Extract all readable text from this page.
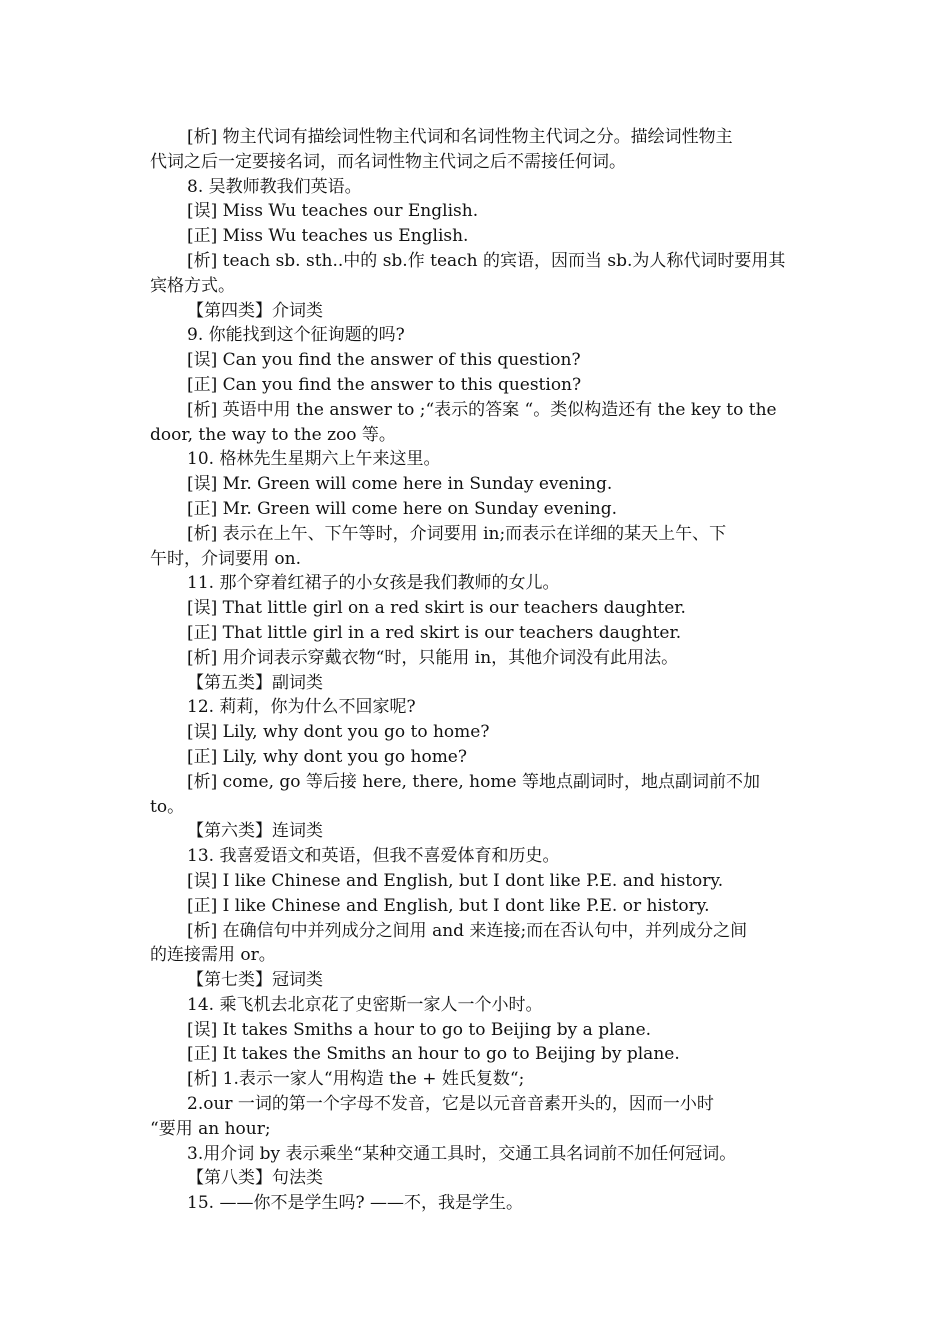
[析] 物主代词有描绘词性物主代词和名词性物主代词之分。描绘词性物主
代词之后一定要接名词，而名词性物主代词之后不需接任何词。
8. 吴教师教我们英语。
[误] Miss Wu teaches our English.
[正] Miss Wu teaches us English.
[析] teach sb. sth..中的 sb.作 teach 的宾语，因而当 sb.为人称代词时要用其
宾格方式。
【第四类】介词类
9. 你能找到这个征询题的吗?
[误] Can you find the answer of this question?
[正] Can you find the answer to this question?
[析] 英语中用 the answer to ;“表示的答案 “。类似构造还有 the key to the
door, the way to the zoo 等。
10. 格林先生星期六上午来这里。
[误] Mr. Green will come here in Sunday evening.
[正] Mr. Green will come here on Sunday evening.
[析] 表示在上午、下午等时，介词要用 in;而表示在详细的某天上午、下
午时，介词要用 on.
11. 那个穿着红裙子的小女孩是我们教师的女儿。
[误] That little girl on a red skirt is our teachers daughter.
[正] That little girl in a red skirt is our teachers daughter.
[析] 用介词表示穿戴衣物“时，只能用 in，其他介词没有此用法。
【第五类】副词类
12. 莉莉，你为什么不回家呢?
[误] Lily, why dont you go to home?
[正] Lily, why dont you go home?
[析] come, go 等后接 here, there, home 等地点副词时，地点副词前不加
to。
【第六类】连词类
13. 我喜爱语文和英语，但我不喜爱体育和历史。
[误] I like Chinese and English, but I dont like P.E. and history.
[正] I like Chinese and English, but I dont like P.E. or history.
[析] 在确信句中并列成分之间用 and 来连接;而在否认句中，并列成分之间
的连接需用 or。
【第七类】冠词类
14. 乘飞机去北京花了史密斯一家人一个小时。
[误] It takes Smiths a hour to go to Beijing by a plane.
[正] It takes the Smiths an hour to go to Beijing by plane.
[析] 1.表示一家人“用构造 the + 姓氏复数“;
2.our 一词的第一个字母不发音，它是以元音音素开头的，因而一小时
“要用 an hour;
3.用介词 by 表示乘坐“某种交通工具时，交通工具名词前不加任何冠词。
【第八类】句法类
15. ——你不是学生吗? ——不，我是学生。
